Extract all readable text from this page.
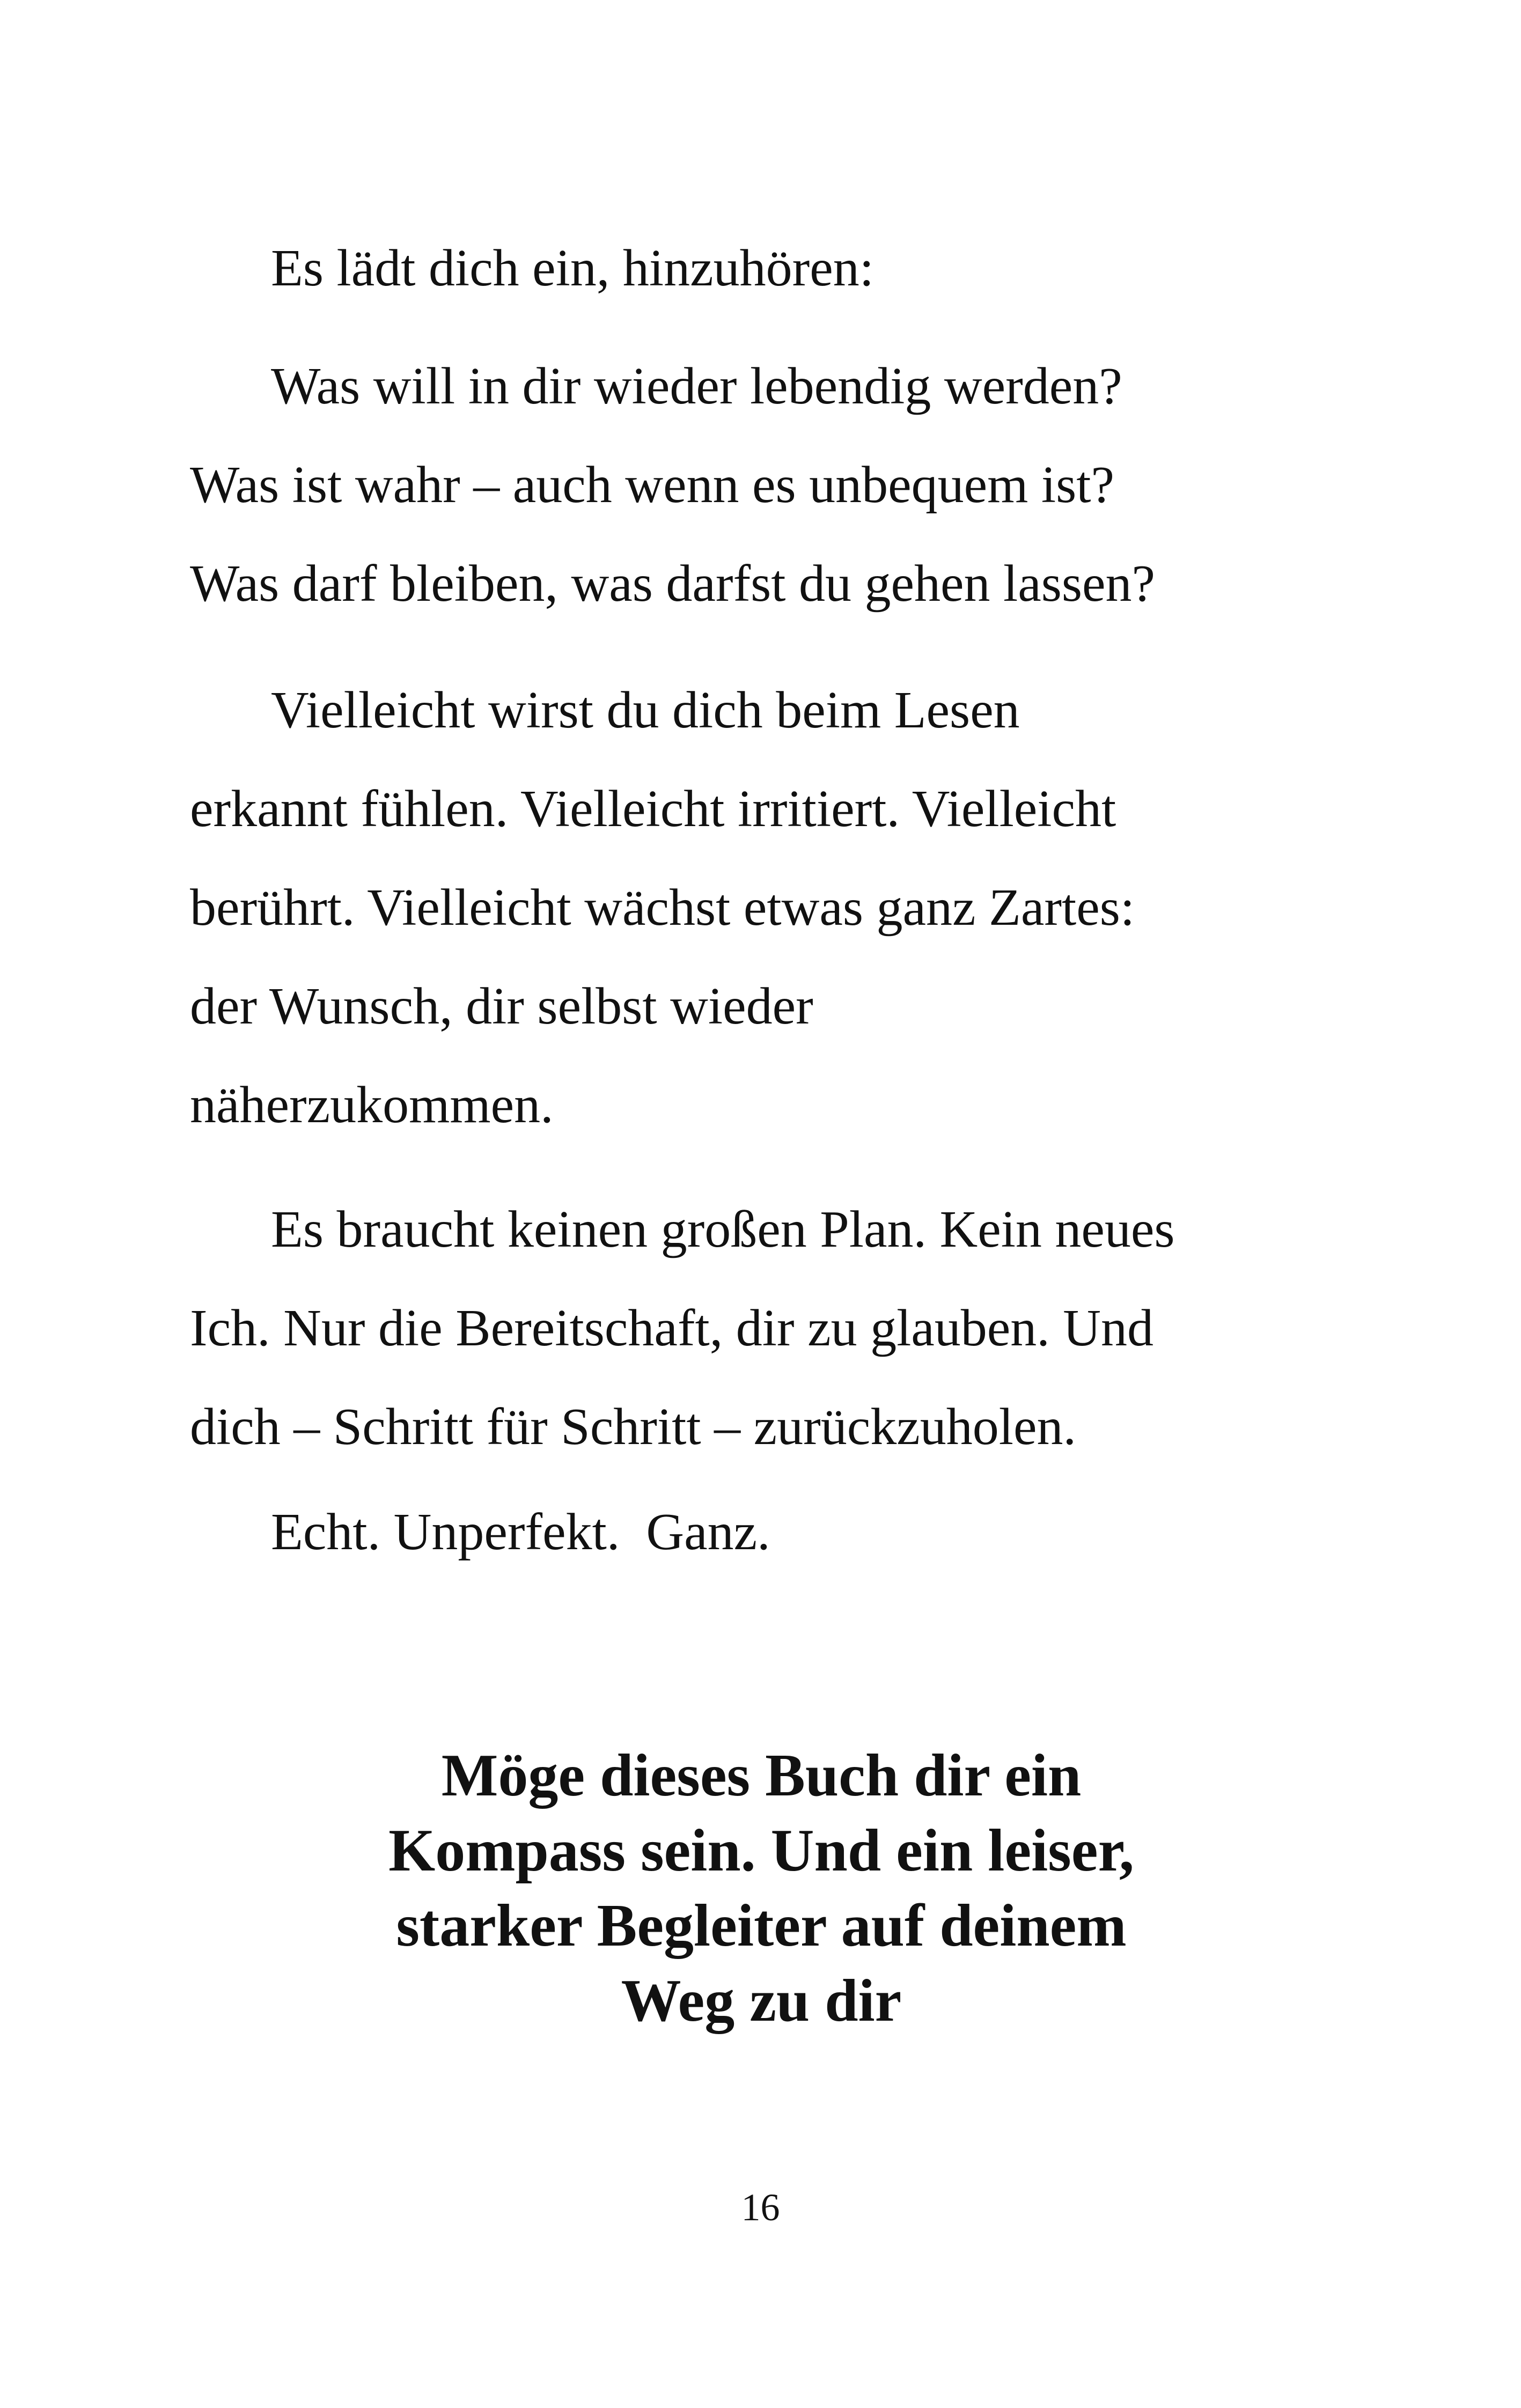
Es lädt dich ein, hinzuhören:

Was will in dir wieder lebendig werden?
Was ist wahr – auch wenn es unbequem ist?
Was darf bleiben, was darfst du gehen lassen?

Vielleicht wirst du dich beim Lesen
erkannt fühlen. Vielleicht irritiert. Vielleicht
berührt. Vielleicht wächst etwas ganz Zartes:
der Wunsch, dir selbst wieder
näherzukommen.

Es braucht keinen großen Plan. Kein neues
Ich. Nur die Bereitschaft, dir zu glauben. Und
dich – Schritt für Schritt – zurückzuholen.

Echt. Unperfekt.  Ganz.

Möge dieses Buch dir ein
Kompass sein. Und ein leiser,
starker Begleiter auf deinem
Weg zu dir
16
